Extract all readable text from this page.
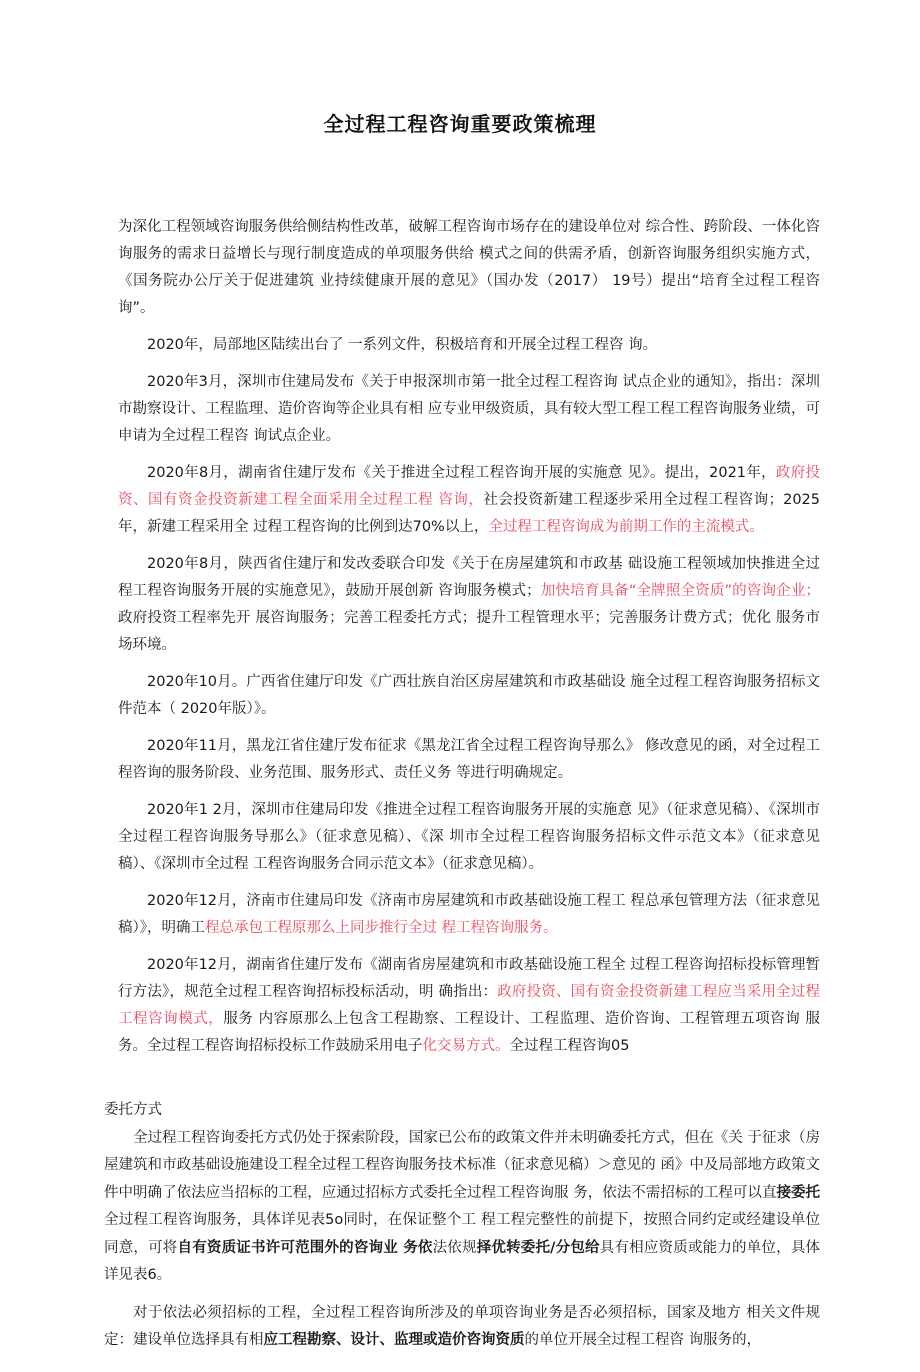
全过程工程咨询重要政策梳理

为深化工程领域咨询服务供给侧结构性改革，破解工程咨询市场存在的建设单位对 综合性、跨阶段、一体化咨询服务的需求日益增长与现行制度造成的单项服务供给 模式之间的供需矛盾，创新咨询服务组织实施方式，《国务院办公厅关于促进建筑 业持续健康开展的意见》（国办发（2017） 19号）提出“培育全过程工程咨询”。

2020年，局部地区陆续出台了 一系列文件，积极培育和开展全过程工程咨 询。

2020年3月，深圳市住建局发布《关于申报深圳市第一批全过程工程咨询 试点企业的通知》，指出：深圳市勘察设计、工程监理、造价咨询等企业具有相 应专业甲级资质，具有较大型工程工程工程咨询服务业绩，可申请为全过程工程咨 询试点企业。

2020年8月，湖南省住建厅发布《关于推进全过程工程咨询开展的实施意 见》。提出，2021年，政府投资、国有资金投资新建工程全面采用全过程工程 咨询，社会投资新建工程逐步采用全过程工程咨询；2025年，新建工程采用全 过程工程咨询的比例到达70%以上，全过程工程咨询成为前期工作的主流模式。

2020年8月，陕西省住建厅和发改委联合印发《关于在房屋建筑和市政基 础设施工程领域加快推进全过程工程咨询服务开展的实施意见》，鼓励开展创新 咨询服务模式；加快培育具备“全牌照全资质”的咨询企业；政府投资工程率先开 展咨询服务；完善工程委托方式；提升工程管理水平；完善服务计费方式；优化 服务市场环境。

2020年10月。广西省住建厅印发《广西壮族自治区房屋建筑和市政基础设 施全过程工程咨询服务招标文件范本（ 2020年版）》。

2020年11月，黑龙江省住建厅发布征求《黑龙江省全过程工程咨询导那么》 修改意见的函，对全过程工程咨询的服务阶段、业务范围、服务形式、责任义务 等进行明确规定。

2020年1 2月，深圳市住建局印发《推进全过程工程咨询服务开展的实施意 见》（征求意见稿）、《深圳市全过程工程咨询服务导那么》（征求意见稿）、《深 圳市全过程工程咨询服务招标文件示范文本》（征求意见稿）、《深圳市全过程 工程咨询服务合同示范文本》（征求意见稿）。

2020年12月，济南市住建局印发《济南市房屋建筑和市政基础设施工程工 程总承包管理方法（征求意见稿）》，明确工程总承包工程原那么上同步推行全过 程工程咨询服务。

2020年12月，湖南省住建厅发布《湖南省房屋建筑和市政基础设施工程全 过程工程咨询招标投标管理暂行方法》，规范全过程工程咨询招标投标活动，明 确指出：政府投资、国有资金投资新建工程应当采用全过程工程咨询模式，服务 内容原那么上包含工程勘察、工程设计、工程监理、造价咨询、工程管理五项咨询 服务。全过程工程咨询招标投标工作鼓励采用电子化交易方式。全过程工程咨询05

委托方式

全过程工程咨询委托方式仍处于探索阶段，国家已公布的政策文件并未明确委托方式，但在《关 于征求（房屋建筑和市政基础设施建设工程全过程工程咨询服务技术标准（征求意见稿）＞意见的 函》中及局部地方政策文件中明确了依法应当招标的工程，应通过招标方式委托全过程工程咨询服 务，依法不需招标的工程可以直接委托全过程工程咨询服务，具体详见表5o同时，在保证整个工 程工程完整性的前提下，按照合同约定或经建设单位同意，可将自有资质证书许可范围外的咨询业 务依法依规择优转委托/分包给具有相应资质或能力的单位，具体详见表6。

对于依法必须招标的工程，全过程工程咨询所涉及的单项咨询业务是否必须招标，国家及地方 相关文件规定：建设单位选择具有相应工程勘察、设计、监理或造价咨询资质的单位开展全过程工程咨 询服务的，
